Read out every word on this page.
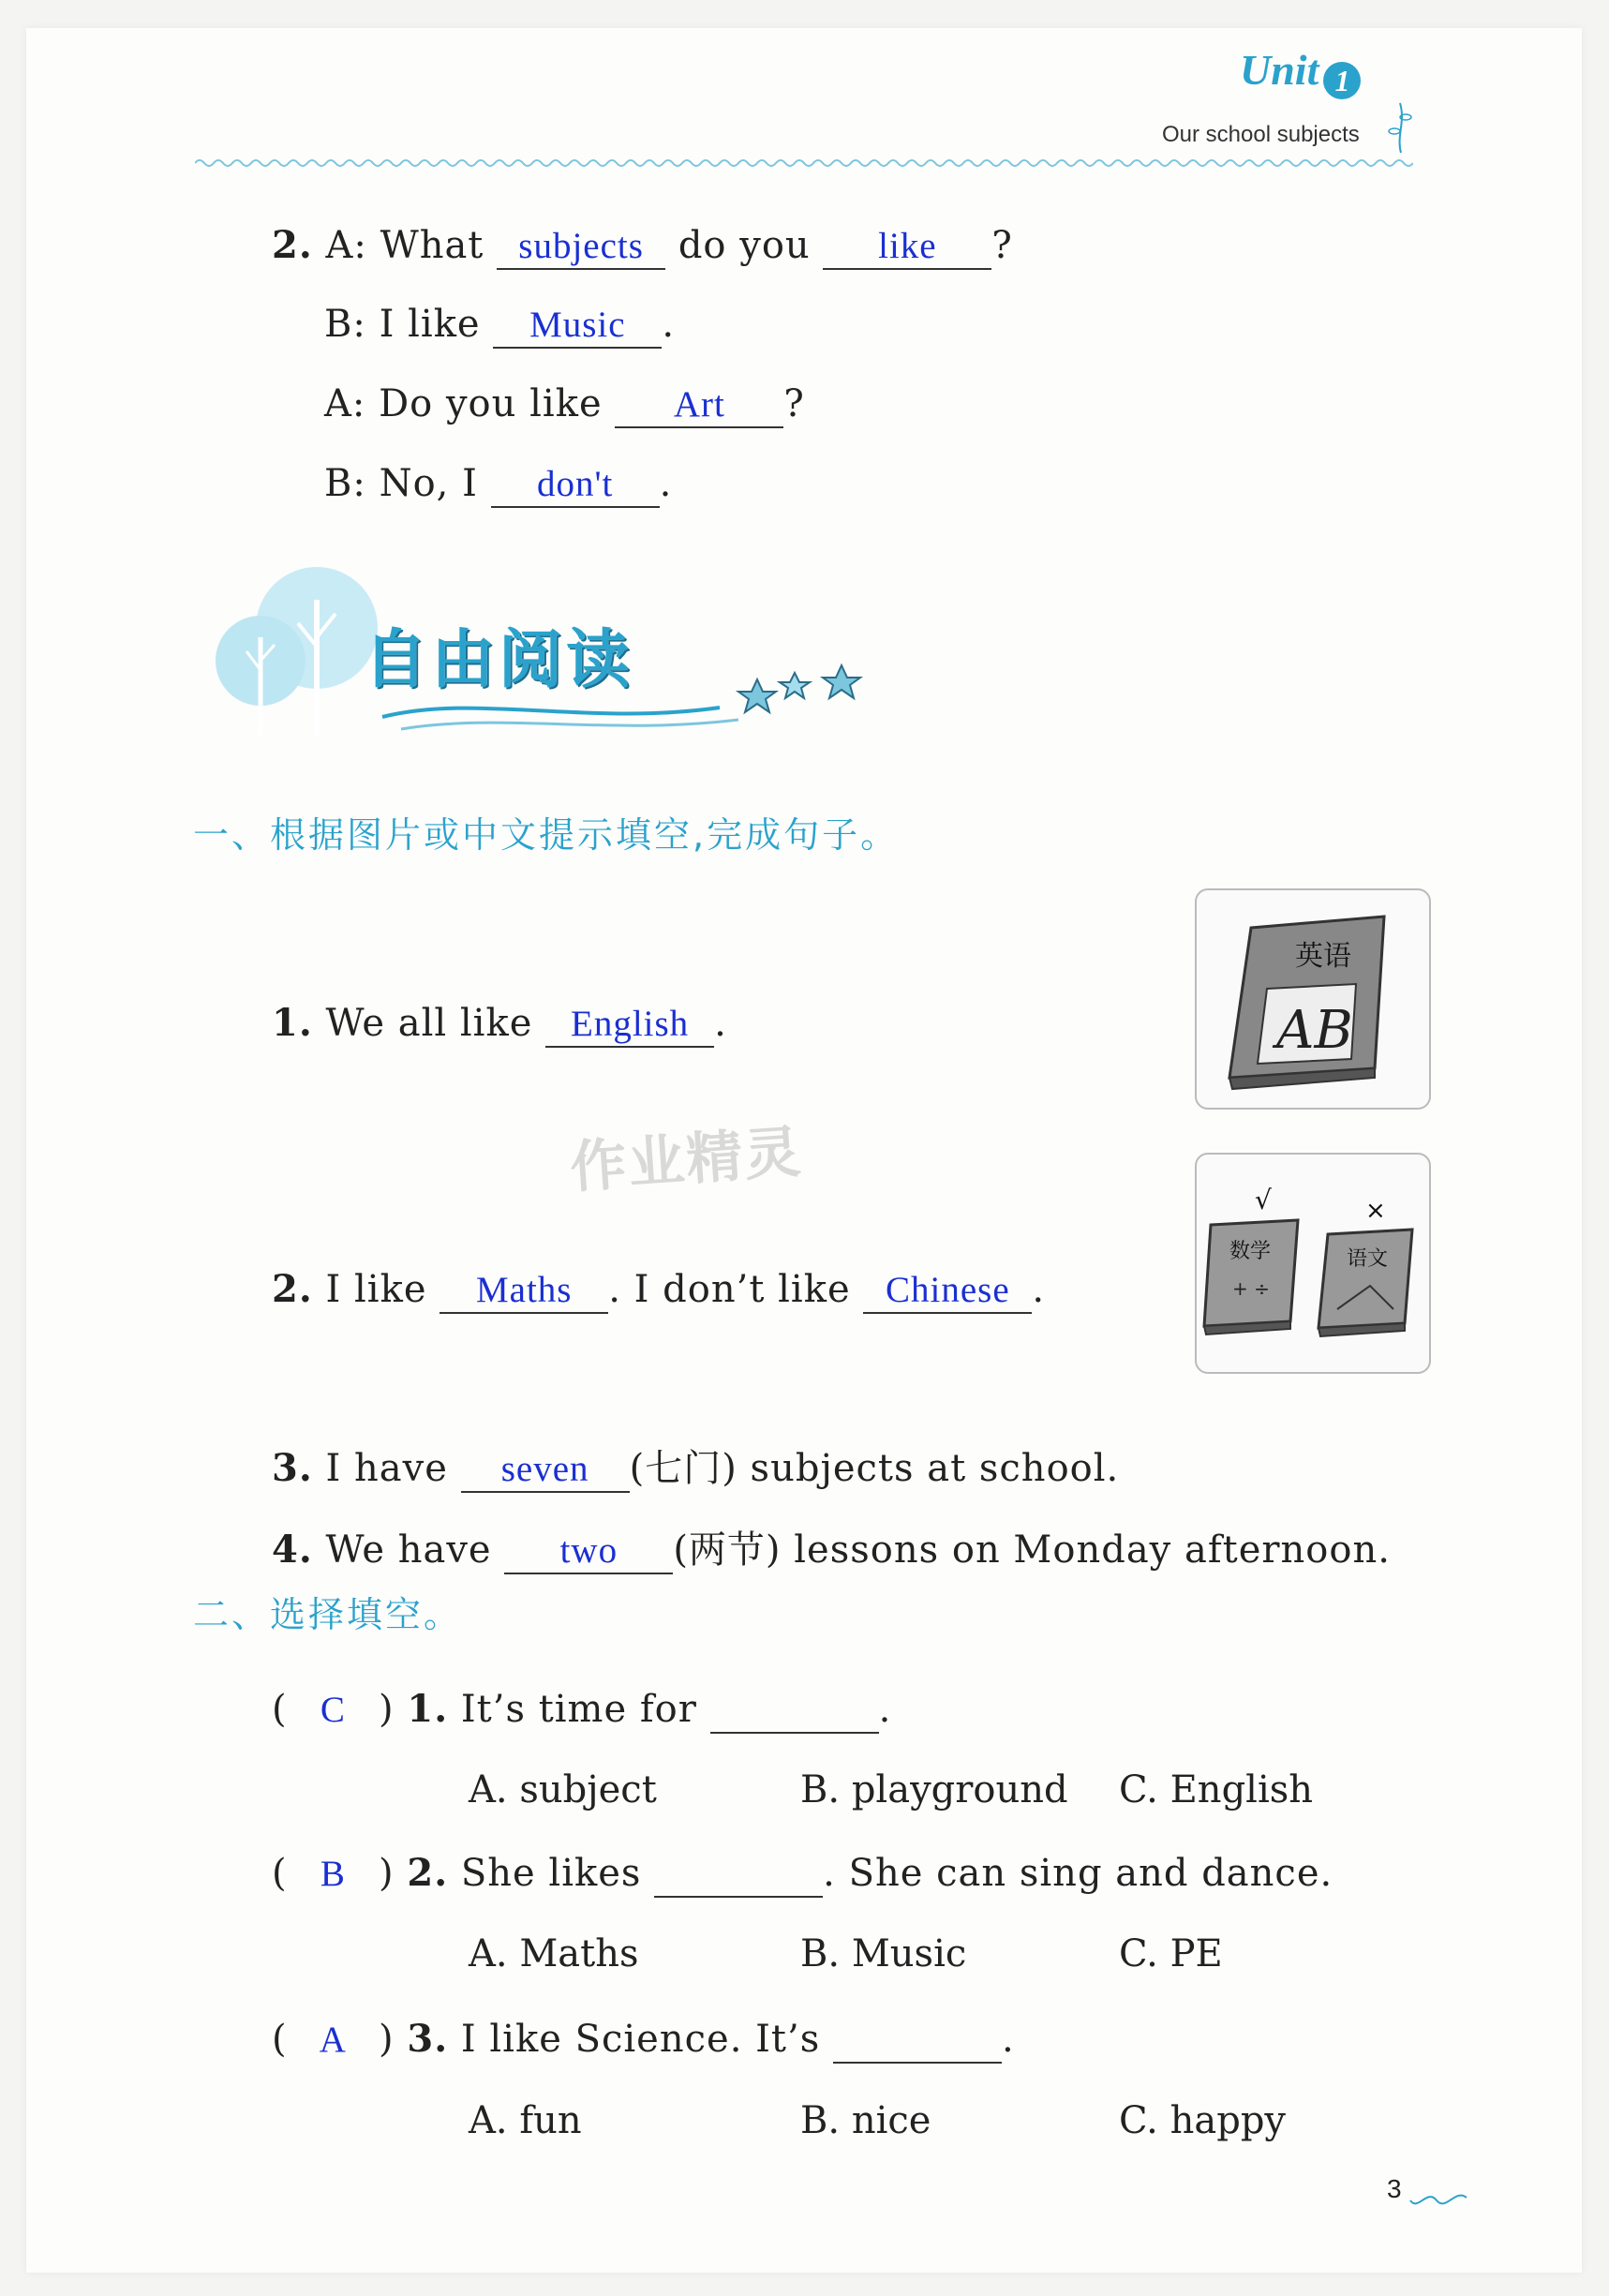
Unit 1
Our school subjects
2. A: What subjects do you like ?
B: I like Music .
A: Do you like Art ?
B: No, I don't .
自由阅读
一、根据图片或中文提示填空,完成句子。
1. We all like English .
英语
AB
作业精灵
2. I like Maths . I don’t like Chinese .
√	×
数学
+ ÷
语文
3. I have seven (七门) subjects at school.
4. We have two (两节) lessons on Monday afternoon.
二、选择填空。
( C ) 1. It’s time for	.
A. subject	B. playground C. English
( B ) 2. She likes	. She can sing and dance.
A. Maths	B. Music	C. PE
( A ) 3. I like Science. It’s	.
A. fun	B. nice	C. happy
3
